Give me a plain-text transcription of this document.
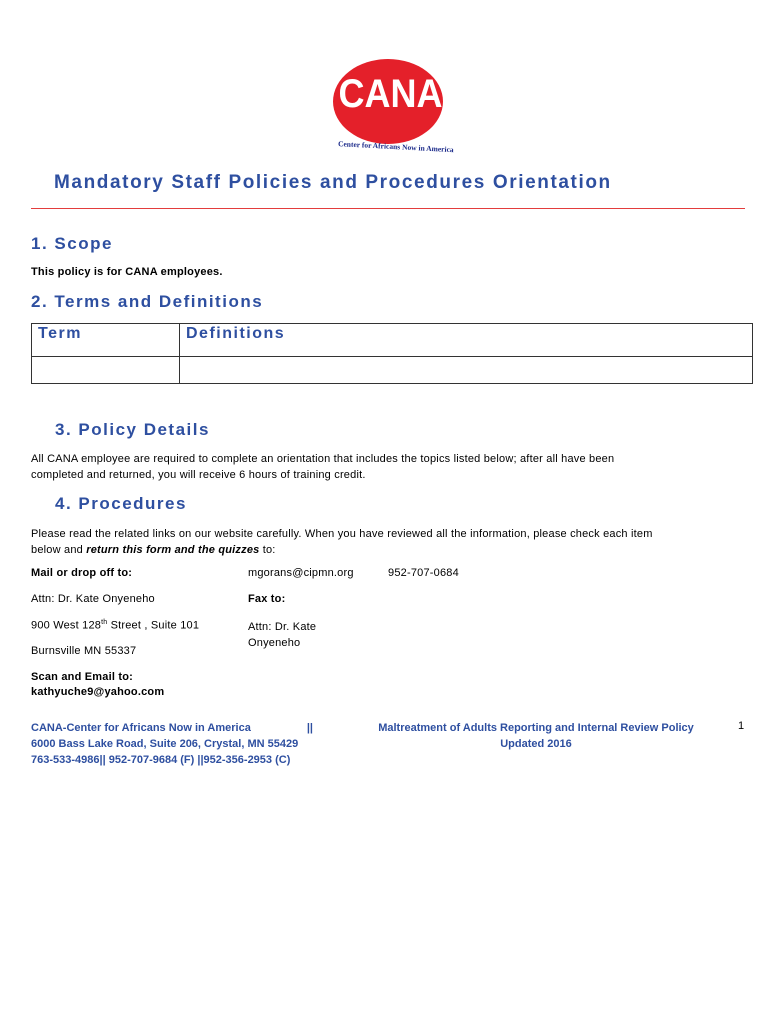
CANA
Center for Africans Now in America
Mandatory Staff Policies and Procedures Orientation
1. Scope
This policy is for CANA employees.
2. Terms and Definitions
Term	Definitions

3. Policy Details
All CANA employee are required to complete an orientation that includes the topics listed below; after all have been
completed and returned, you will receive 6 hours of training credit.
4. Procedures
Please read the related links on our website carefully. When you have reviewed all the information, please check each item
below and return this form and the quizzes to:
Mail or drop off to:	mgorans@cipmn.org	952-707-0684
Attn: Dr. Kate Onyeneho	Fax to:
900 West 128th Street , Suite 101	Attn: Dr. Kate
Onyeneho
Burnsville MN 55337
Scan and Email to:
kathyuche9@yahoo.com
CANA-Center for Africans Now in America	||
6000 Bass Lake Road, Suite 206, Crystal, MN 55429
763-533-4986|| 952-707-9684 (F) ||952-356-2953 (C)
Maltreatment of Adults Reporting and Internal Review Policy
Updated 2016
1
